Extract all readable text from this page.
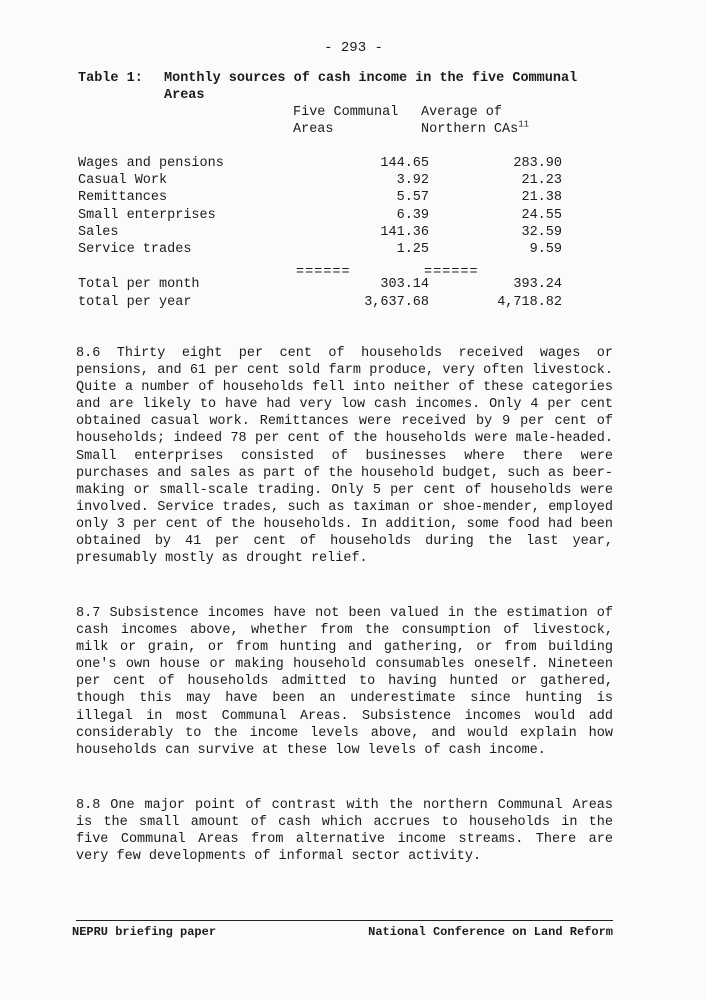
- 293 -
Table 1: Monthly sources of cash income in the five Communal
Areas
Five Communal
Areas
Average of
Northern CAs$^{11}$
Wages and pensions	144.65	283.90
Casual Work	3.92	21.23
Remittances	5.57	21.38
Small enterprises	6.39	24.55
Sales	141.36	32.59
Service trades	1.25	9.59
======	======
Total per month	303.14	393.24
total per year	3,637.68	4,718.82

8.6 Thirty eight per cent of households received wages or pensions, and 61 per cent sold farm produce, very often livestock. Quite a number of households fell into neither of these categories and are likely to have had very low cash incomes. Only 4 per cent obtained casual work. Remittances were received by 9 per cent of households; indeed 78 per cent of the households were male-headed. Small enterprises consisted of businesses where there were purchases and sales as part of the household budget, such as beer-making or small-scale trading. Only 5 per cent of households were involved. Service trades, such as taximan or shoe-mender, employed only 3 per cent of the households. In addition, some food had been obtained by 41 per cent of households during the last year, presumably mostly as drought relief.

8.7 Subsistence incomes have not been valued in the estimation of cash incomes above, whether from the consumption of livestock, milk or grain, or from hunting and gathering, or from building one's own house or making household consumables oneself. Nineteen per cent of households admitted to having hunted or gathered, though this may have been an underestimate since hunting is illegal in most Communal Areas. Subsistence incomes would add considerably to the income levels above, and would explain how households can survive at these low levels of cash income.

8.8 One major point of contrast with the northern Communal Areas is the small amount of cash which accrues to households in the five Communal Areas from alternative income streams. There are very few developments of informal sector activity.

NEPRU briefing paper	National Conference on Land Reform
